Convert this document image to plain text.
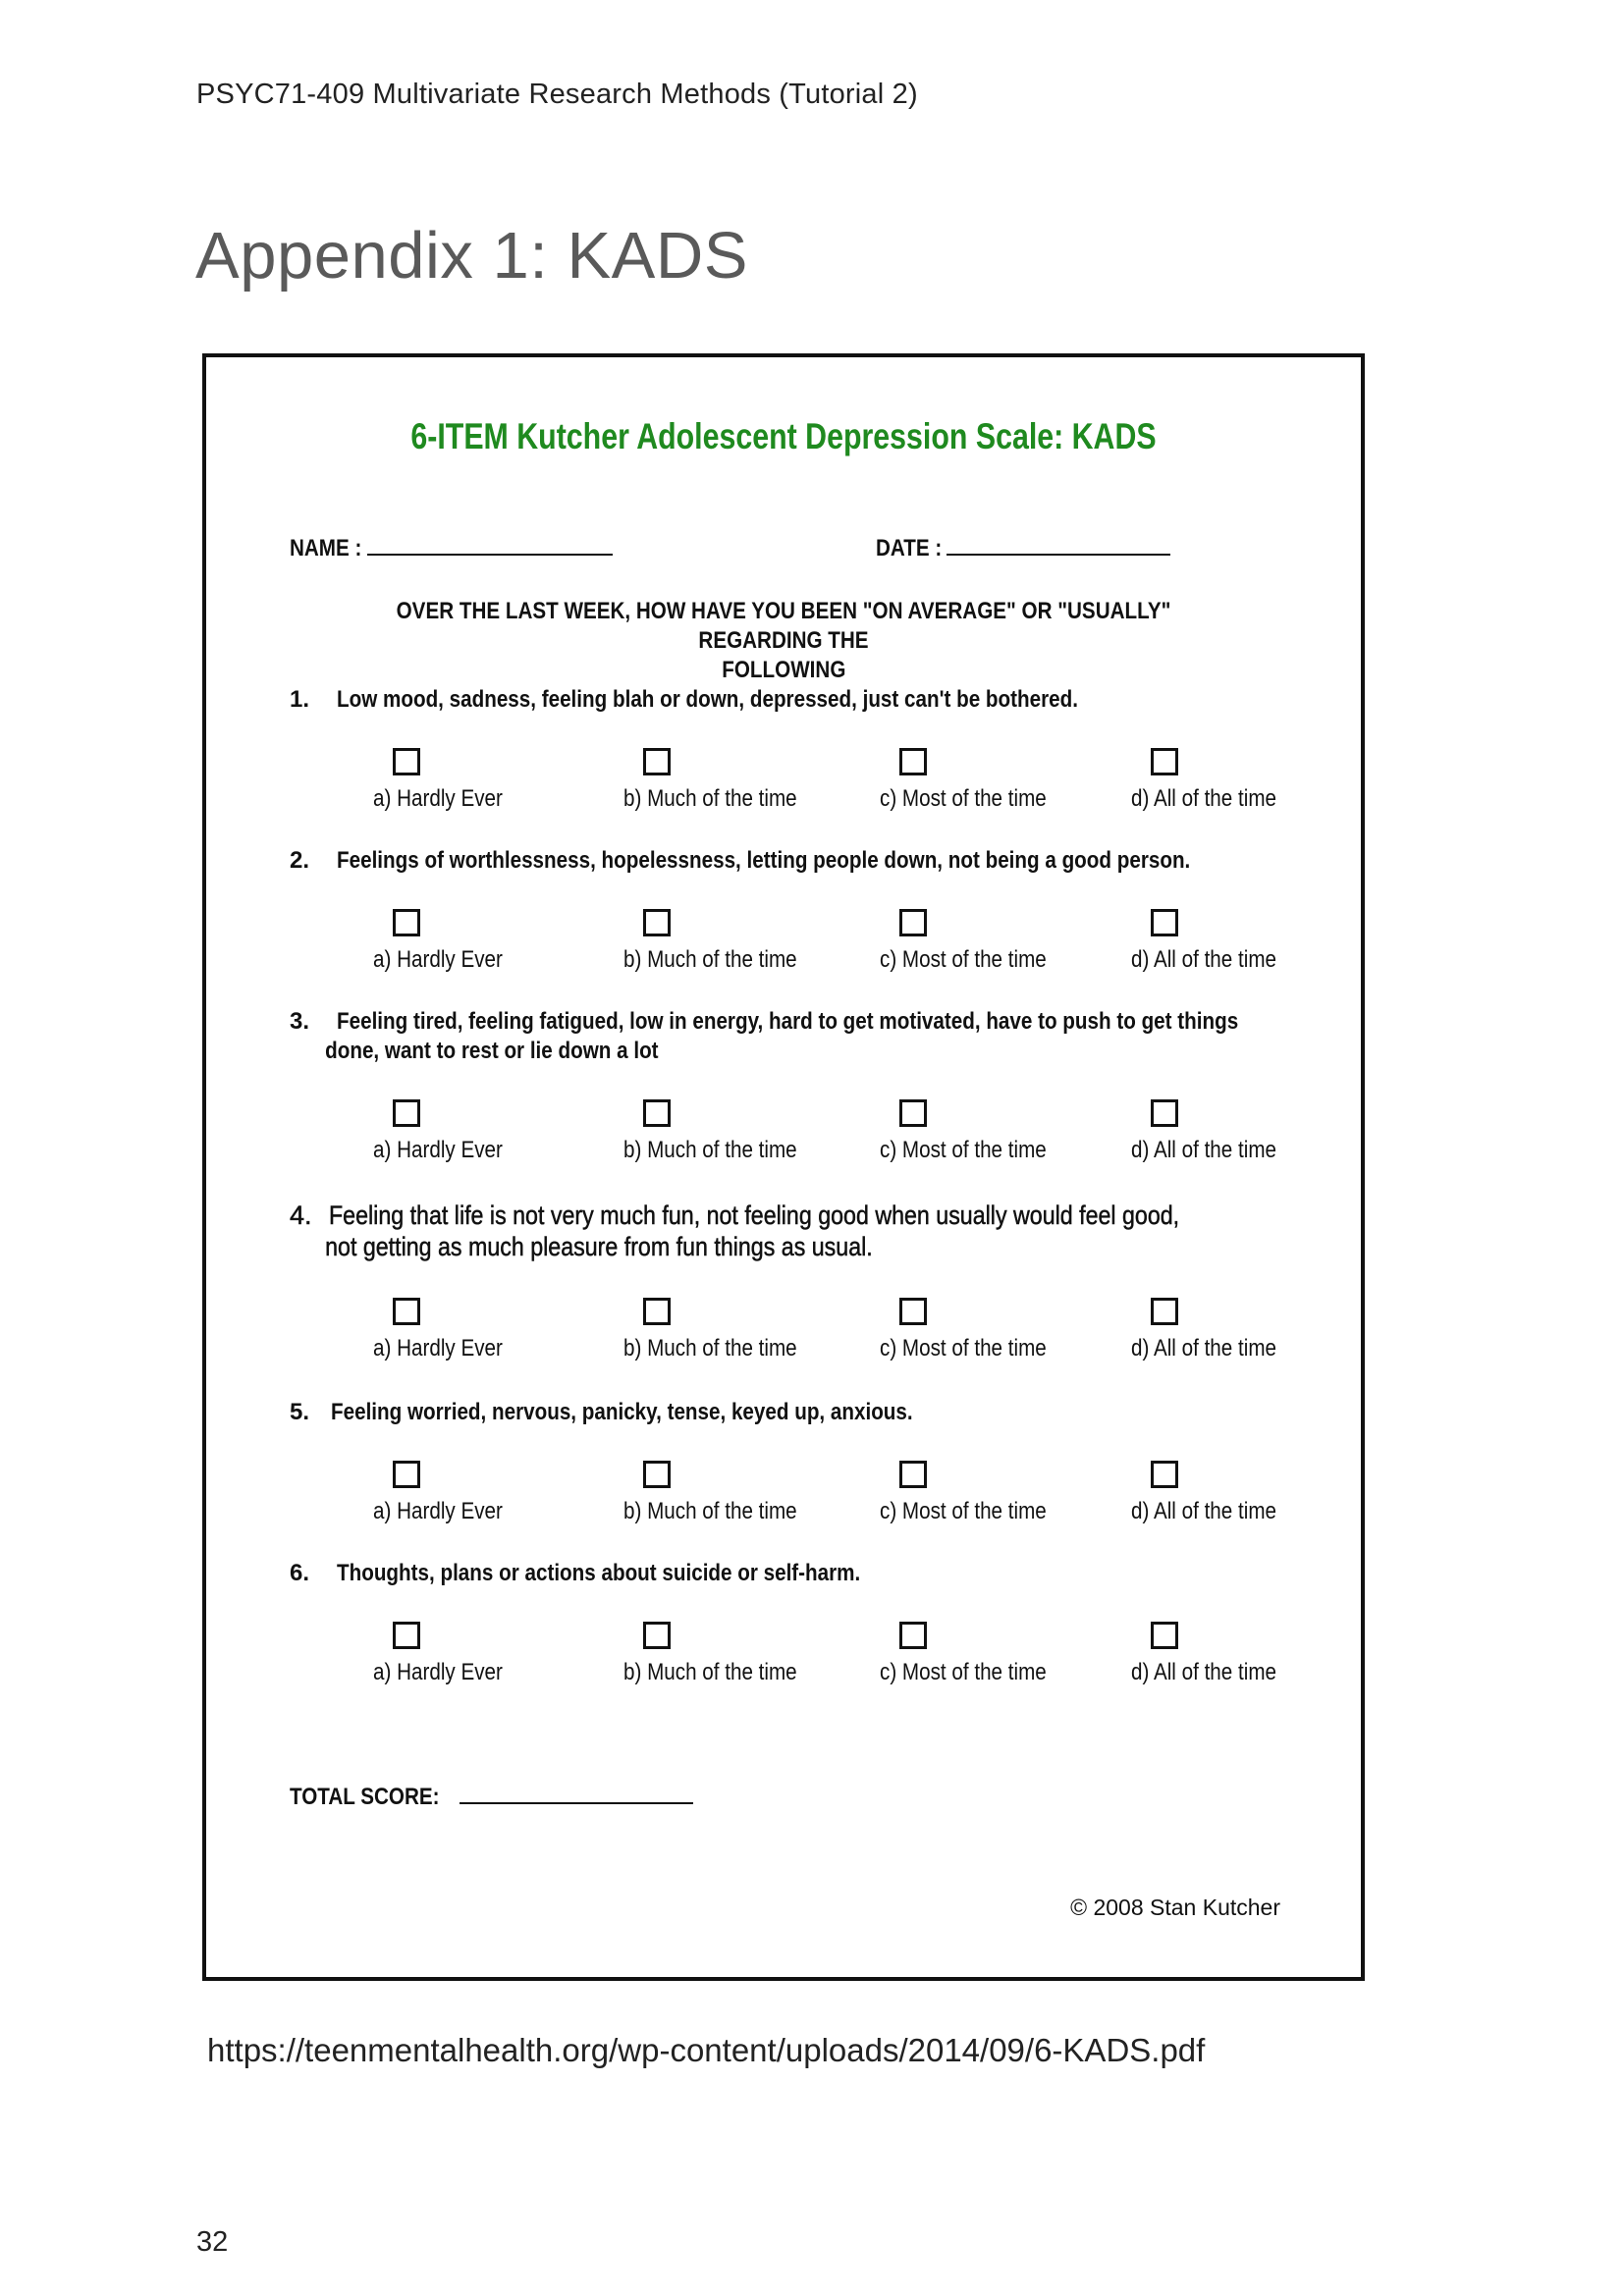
PSYC71-409 Multivariate Research Methods (Tutorial 2)
Appendix 1: KADS
6-ITEM Kutcher Adolescent Depression Scale: KADS
NAME :	DATE :
OVER THE LAST WEEK, HOW HAVE YOU BEEN "ON AVERAGE" OR "USUALLY" REGARDING THE
FOLLOWING
1. Low mood, sadness, feeling blah or down, depressed, just can't be bothered.
a) Hardly Ever	b) Much of the time	c) Most of the time	d) All of the time
2. Feelings of worthlessness, hopelessness, letting people down, not being a good person.
a) Hardly Ever	b) Much of the time	c) Most of the time	d) All of the time
3. Feeling tired, feeling fatigued, low in energy, hard to get motivated, have to push to get things
done, want to rest or lie down a lot
a) Hardly Ever	b) Much of the time	c) Most of the time	d) All of the time
4. Feeling that life is not very much fun, not feeling good when usually would feel good,
not getting as much pleasure from fun things as usual.
a) Hardly Ever	b) Much of the time	c) Most of the time	d) All of the time
5. Feeling worried, nervous, panicky, tense, keyed up, anxious.
a) Hardly Ever	b) Much of the time	c) Most of the time	d) All of the time
6. Thoughts, plans or actions about suicide or self-harm.
a) Hardly Ever	b) Much of the time	c) Most of the time	d) All of the time
TOTAL SCORE:
© 2008 Stan Kutcher
https://teenmentalhealth.org/wp-content/uploads/2014/09/6-KADS.pdf
32
